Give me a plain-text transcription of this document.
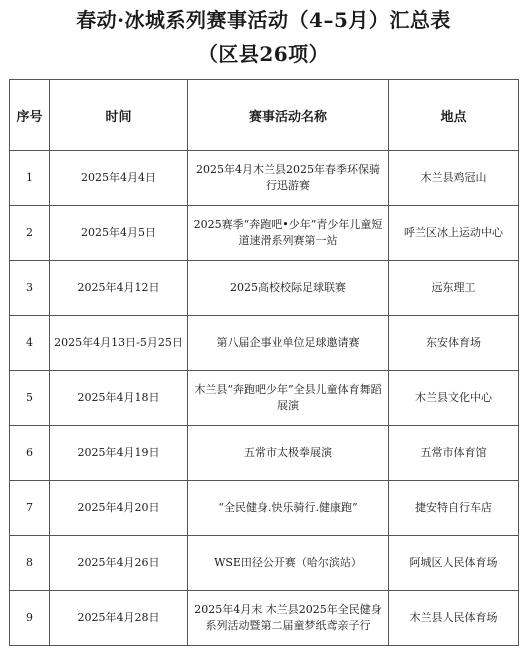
春动·冰城系列赛事活动（4–5月）汇总表
（区县26项）
序号	时间	赛事活动名称	地点
1	2025年4月4日	2025年4月木兰县2025年春季环保骑行迅游赛	木兰县鸡冠山
2	2025年4月5日	2025赛季“奔跑吧•少年”青少年儿童短道速滑系列赛第一站	呼兰区冰上运动中心
3	2025年4月12日	2025高校校际足球联赛	远东理工
4	2025年4月13日-5月25日	第八届企事业单位足球邀请赛	东安体育场
5	2025年4月18日	木兰县“奔跑吧少年”全县儿童体育舞蹈展演	木兰县文化中心
6	2025年4月19日	五常市太极拳展演	五常市体育馆
7	2025年4月20日	“全民健身.快乐骑行.健康跑”	捷安特自行车店
8	2025年4月26日	WSE田径公开赛（哈尔滨站）	阿城区人民体育场
9	2025年4月28日	2025年4月末 木兰县2025年全民健身系列活动暨第二届童梦纸鸢亲子行	木兰县人民体育场
